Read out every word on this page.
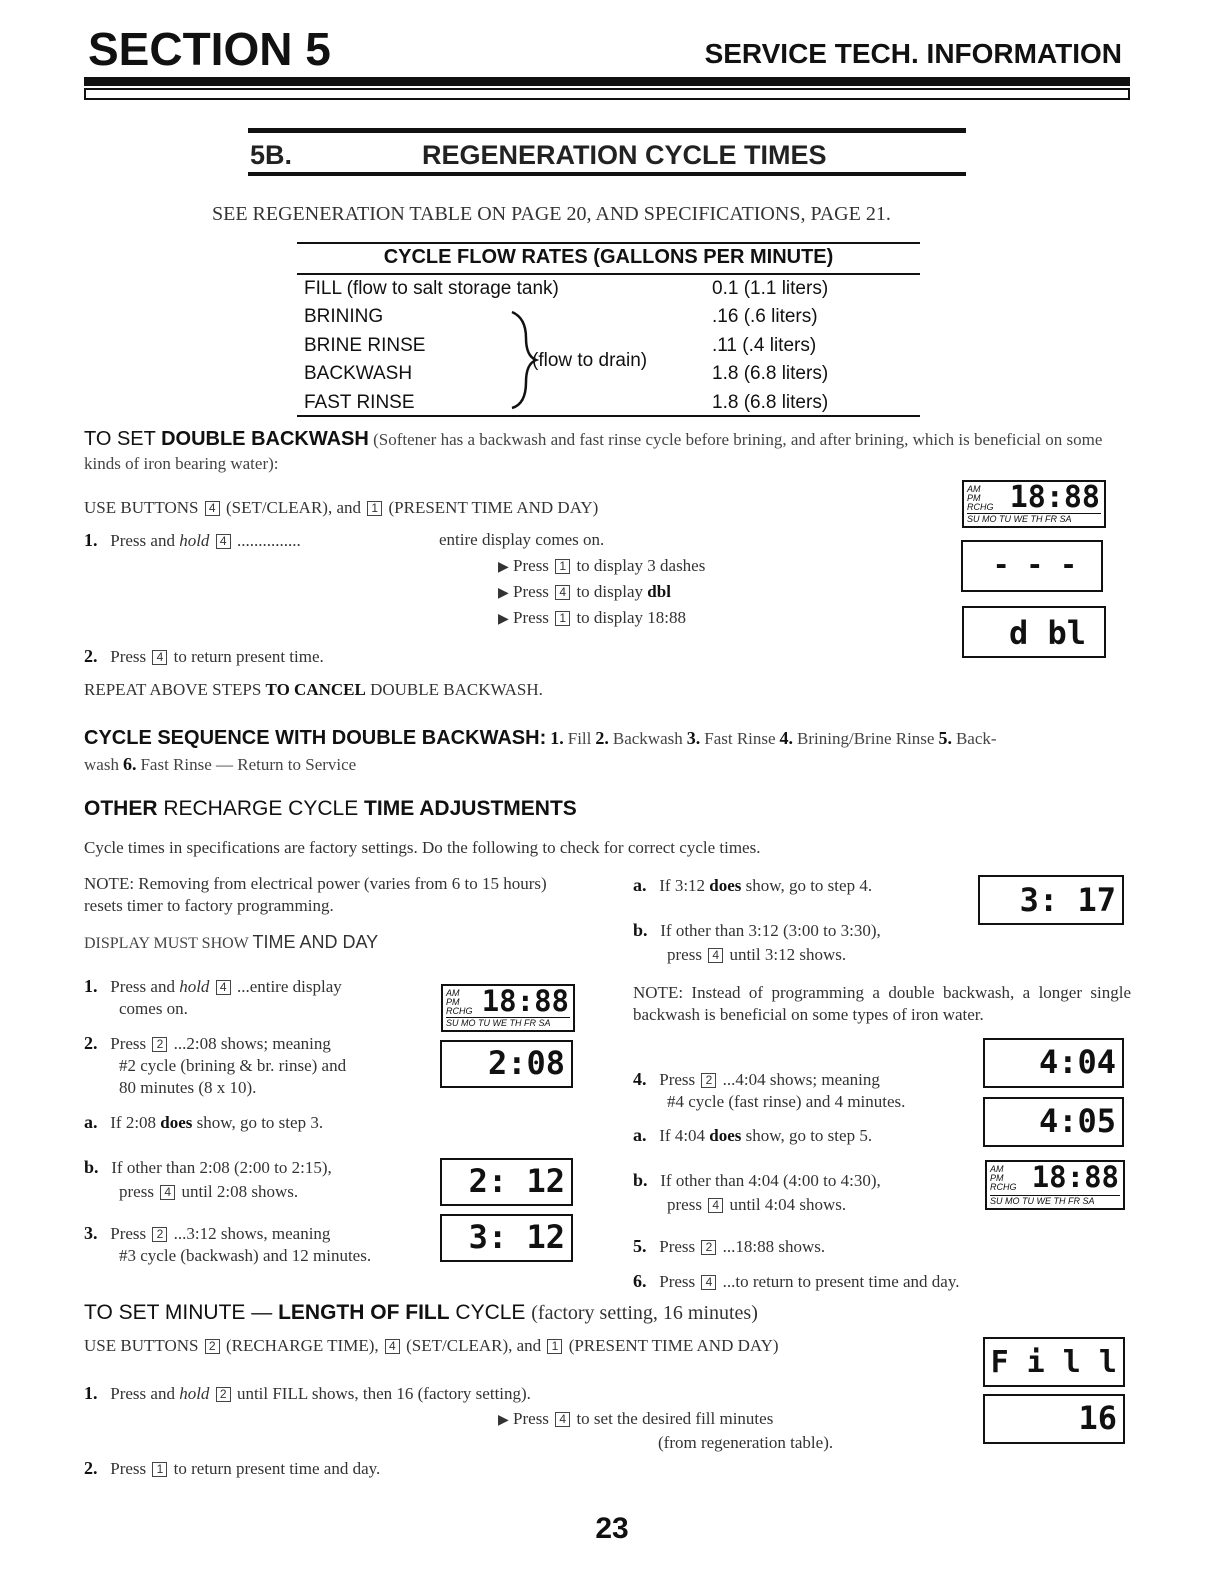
SECTION 5	SERVICE TECH. INFORMATION
5B.	REGENERATION CYCLE TIMES
SEE REGENERATION TABLE ON PAGE 20, AND SPECIFICATIONS, PAGE 21.
CYCLE FLOW RATES (GALLONS PER MINUTE)
FILL (flow to salt storage tank)	0.1 (1.1 liters)
BRINING	.16 (.6 liters)
BRINE RINSE	.11 (.4 liters)
BACKWASH	1.8 (6.8 liters)
FAST RINSE	1.8 (6.8 liters)
(flow to drain)
TO SET DOUBLE BACKWASH (Softener has a backwash and fast rinse cycle before brining, and after brining, which is beneficial on some kinds of iron bearing water):
USE BUTTONS 4 (SET/CLEAR), and 1 (PRESENT TIME AND DAY)
1. Press and hold 4 ...............	entire display comes on.
▶ Press 1 to display 3 dashes
▶ Press 4 to display dbl
▶ Press 1 to display 18:88
2. Press 4 to return present time.
REPEAT ABOVE STEPS TO CANCEL DOUBLE BACKWASH.
AM
PM
RCHG 18:88
SU MO TU WE TH FR SA
- - -
d bl
CYCLE SEQUENCE WITH DOUBLE BACKWASH: 1. Fill 2. Backwash 3. Fast Rinse 4. Brining/Brine Rinse 5. Back-
wash 6. Fast Rinse — Return to Service
OTHER RECHARGE CYCLE TIME ADJUSTMENTS
Cycle times in specifications are factory settings. Do the following to check for correct cycle times.
NOTE: Removing from electrical power (varies from 6 to 15 hours) resets timer to factory programming.
DISPLAY MUST SHOW TIME AND DAY
1. Press and hold 4 ...entire display
comes on.
2. Press 2 ...2:08 shows; meaning
#2 cycle (brining & br. rinse) and
80 minutes (8 x 10).
a. If 2:08 does show, go to step 3.
b. If other than 2:08 (2:00 to 2:15),
press 4 until 2:08 shows.
3. Press 2 ...3:12 shows, meaning
#3 cycle (backwash) and 12 minutes.
AM
PM
RCHG 18:88
SU MO TU WE TH FR SA
2:08
2: 12
3: 12
a. If 3:12 does show, go to step 4.
b. If other than 3:12 (3:00 to 3:30),
press 4 until 3:12 shows.
3: 17
NOTE: Instead of programming a double backwash, a longer single backwash is beneficial on some types of iron water.
4. Press 2 ...4:04 shows; meaning
#4 cycle (fast rinse) and 4 minutes.
a. If 4:04 does show, go to step 5.
b. If other than 4:04 (4:00 to 4:30),
press 4 until 4:04 shows.
5. Press 2 ...18:88 shows.
6. Press 4 ...to return to present time and day.
4:04
4:05
AM
PM
RCHG 18:88
SU MO TU WE TH FR SA
TO SET MINUTE — LENGTH OF FILL CYCLE (factory setting, 16 minutes)
USE BUTTONS 2 (RECHARGE TIME), 4 (SET/CLEAR), and 1 (PRESENT TIME AND DAY)
1. Press and hold 2 until FILL shows, then 16 (factory setting).
▶ Press 4 to set the desired fill minutes
(from regeneration table).
2. Press 1 to return present time and day.
F i l l
16
23
